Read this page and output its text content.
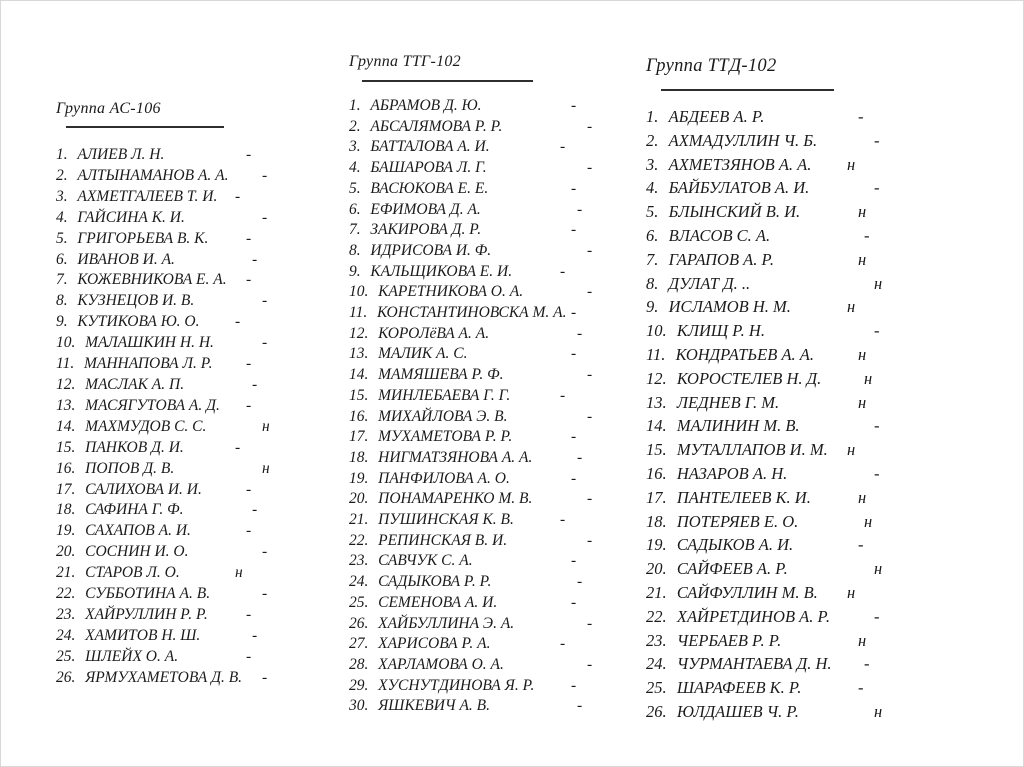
Группа АС-106
1. АЛИЕВ Л. Н.	-
2. АЛТЫНАМАНОВ А. А. -
3. АХМЕТГАЛЕЕВ Т. И. -
4. ГАЙСИНА К. И.	-
5. ГРИГОРЬЕВА В. К. -
6. ИВАНОВ И. А.	-
7. КОЖЕВНИКОВА Е. А. -
8. КУЗНЕЦОВ И. В.	-
9. КУТИКОВА Ю. О. -
10. МАЛАШКИН Н. Н.	-
11. МАННАПОВА Л. Р. -
12. МАСЛАК А. П.	-
13. МАСЯГУТОВА А. Д. -
14. МАХМУДОВ С. С.	н
15. ПАНКОВ Д. И.	-
16. ПОПОВ Д. В.	н
17. САЛИХОВА И. И.	-
18. САФИНА Г. Ф.	-
19. САХАПОВ А. И.	-
20. СОСНИН И. О.	-
21. СТАРОВ Л. О.	н
22. СУББОТИНА А. В.	-
23. ХАЙРУЛЛИН Р. Р. -
24. ХАМИТОВ Н. Ш.	-
25. ШЛЕЙХ О. А.	-
26. ЯРМУХАМЕТОВА Д. В. -
Группа ТТГ-102
1. АБРАМОВ Д. Ю.	-
2. АБСАЛЯМОВА Р. Р.	-
3. БАТТАЛОВА А. И.	-
4. БАШАРОВА Л. Г.	-
5. ВАСЮКОВА Е. Е.	-
6. ЕФИМОВА Д. А.	-
7. ЗАКИРОВА Д. Р.	-
8. ИДРИСОВА И. Ф.	-
9. КАЛЬЩИКОВА Е. И.	-
10. КАРЕТНИКОВА О. А.	-
11. КОНСТАНТИНОВСКА М. А. -
12. КОРОЛёВА А. А.	-
13. МАЛИК А. С.	-
14. МАМЯШЕВА Р. Ф.	-
15. МИНЛЕБАЕВА Г. Г.	-
16. МИХАЙЛОВА Э. В.	-
17. МУХАМЕТОВА Р. Р.	-
18. НИГМАТЗЯНОВА А. А.	-
19. ПАНФИЛОВА А. О.	-
20. ПОНАМАРЕНКО М. В.	-
21. ПУШИНСКАЯ К. В.	-
22. РЕПИНСКАЯ В. И.	-
23. САВЧУК С. А.	-
24. САДЫКОВА Р. Р.	-
25. СЕМЕНОВА А. И.	-
26. ХАЙБУЛЛИНА Э. А.	-
27. ХАРИСОВА Р. А.	-
28. ХАРЛАМОВА О. А.	-
29. ХУСНУТДИНОВА Я. Р. -
30. ЯШКЕВИЧ А. В.	-
Группа ТТД-102
1. АБДЕЕВ А. Р.	-
2. АХМАДУЛЛИН Ч. Б.	-
3. АХМЕТЗЯНОВ А. А. н
4. БАЙБУЛАТОВ А. И.	-
5. БЛЫНСКИЙ В. И.	н
6. ВЛАСОВ С. А.	-
7. ГАРАПОВ А. Р.	н
8. ДУЛАТ Д. ..	н
9. ИСЛАМОВ Н. М.	н
10. КЛИЩ Р. Н.	-
11. КОНДРАТЬЕВ А. А.	н
12. КОРОСТЕЛЕВ Н. Д.	н
13. ЛЕДНЕВ Г. М.	н
14. МАЛИНИН М. В.	-
15. МУТАЛЛАПОВ И. М. н
16. НАЗАРОВ А. Н.	-
17. ПАНТЕЛЕЕВ К. И.	н
18. ПОТЕРЯЕВ Е. О.	н
19. САДЫКОВ А. И.	-
20. САЙФЕЕВ А. Р.	н
21. САЙФУЛЛИН М. В. н
22. ХАЙРЕТДИНОВ А. Р.	-
23. ЧЕРБАЕВ Р. Р.	н
24. ЧУРМАНТАЕВА Д. Н. -
25. ШАРАФЕЕВ К. Р.	-
26. ЮЛДАШЕВ Ч. Р.	н
